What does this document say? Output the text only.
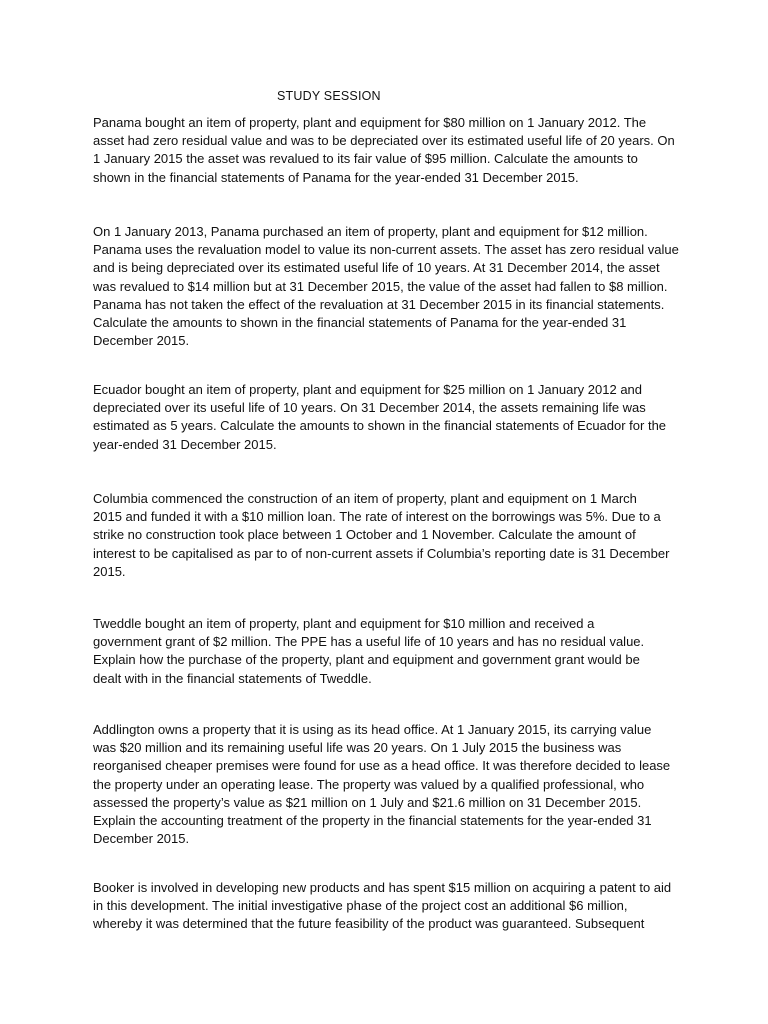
STUDY SESSION
Panama bought an item of property, plant and equipment for $80 million on 1 January 2012. The
asset had zero residual value and was to be depreciated over its estimated useful life of 20 years. On
1 January 2015 the asset was revalued to its fair value of $95 million. Calculate the amounts to
shown in the financial statements of Panama for the year-ended 31 December 2015.
On 1 January 2013, Panama purchased an item of property, plant and equipment for $12 million.
Panama uses the revaluation model to value its non-current assets. The asset has zero residual value
and is being depreciated over its estimated useful life of 10 years. At 31 December 2014, the asset
was revalued to $14 million but at 31 December 2015, the value of the asset had fallen to $8 million.
Panama has not taken the effect of the revaluation at 31 December 2015 in its financial statements.
Calculate the amounts to shown in the financial statements of Panama for the year-ended 31
December 2015.
Ecuador bought an item of property, plant and equipment for $25 million on 1 January 2012 and
depreciated over its useful life of 10 years. On 31 December 2014, the assets remaining life was
estimated as 5 years. Calculate the amounts to shown in the financial statements of Ecuador for the
year-ended 31 December 2015.
Columbia commenced the construction of an item of property, plant and equipment on 1 March
2015 and funded it with a $10 million loan. The rate of interest on the borrowings was 5%. Due to a
strike no construction took place between 1 October and 1 November. Calculate the amount of
interest to be capitalised as par to of non-current assets if Columbia’s reporting date is 31 December
2015.
Tweddle bought an item of property, plant and equipment for $10 million and received a
government grant of $2 million. The PPE has a useful life of 10 years and has no residual value.
Explain how the purchase of the property, plant and equipment and government grant would be
dealt with in the financial statements of Tweddle.
Addlington owns a property that it is using as its head office. At 1 January 2015, its carrying value
was $20 million and its remaining useful life was 20 years. On 1 July 2015 the business was
reorganised cheaper premises were found for use as a head office. It was therefore decided to lease
the property under an operating lease. The property was valued by a qualified professional, who
assessed the property’s value as $21 million on 1 July and $21.6 million on 31 December 2015.
Explain the accounting treatment of the property in the financial statements for the year-ended 31
December 2015.
Booker is involved in developing new products and has spent $15 million on acquiring a patent to aid
in this development. The initial investigative phase of the project cost an additional $6 million,
whereby it was determined that the future feasibility of the product was guaranteed. Subsequent
